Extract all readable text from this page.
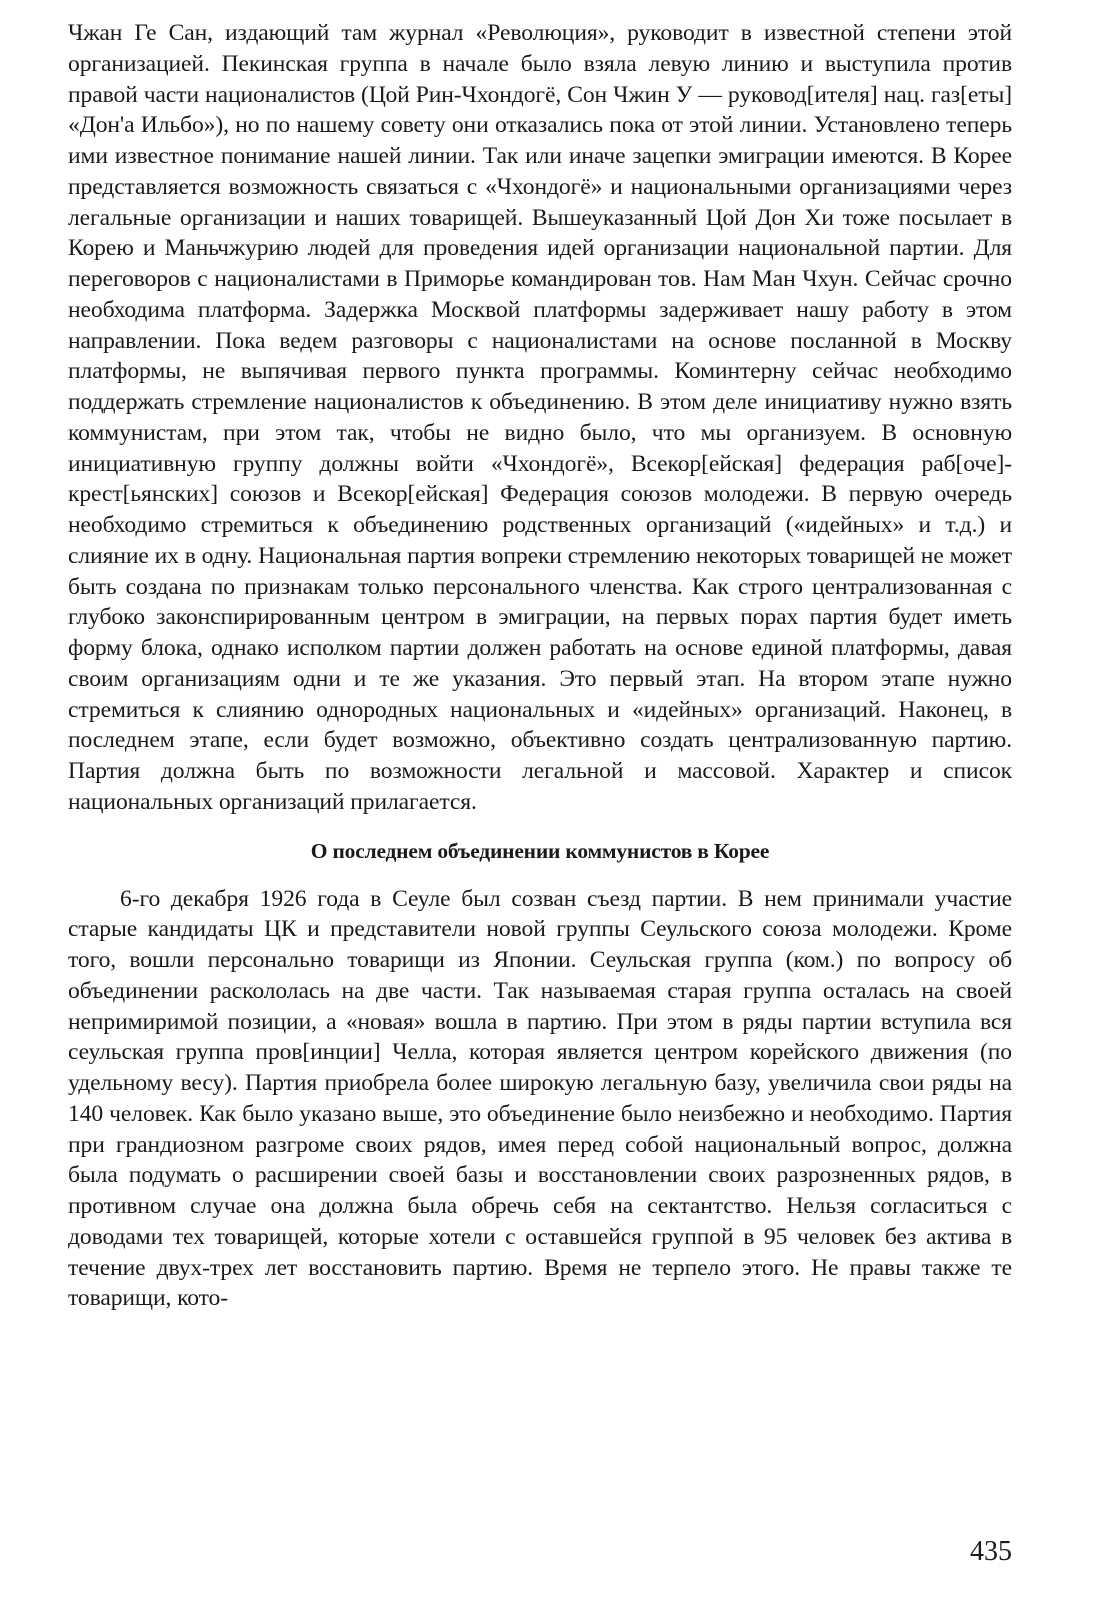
Чжан Ге Сан, издающий там журнал «Революция», руководит в известной степени этой организацией. Пекинская группа в начале было взяла левую линию и выступила против правой части националистов (Цой Рин-Чхондогё, Сон Чжин У — руковод[ителя] нац. газ[еты] «Дон'а Ильбо»), но по нашему совету они отказались пока от этой линии. Установлено теперь ими известное понимание нашей линии. Так или иначе зацепки эмиграции имеются. В Корее представляется возможность связаться с «Чхондогё» и национальными организациями через легальные организации и наших товарищей. Вышеуказанный Цой Дон Хи тоже посылает в Корею и Маньчжурию людей для проведения идей организации национальной партии. Для переговоров с националистами в Приморье командирован тов. Нам Ман Чхун. Сейчас срочно необходима платформа. Задержка Москвой платформы задерживает нашу работу в этом направлении. Пока ведем разговоры с националистами на основе посланной в Москву платформы, не выпячивая первого пункта программы. Коминтерну сейчас необходимо поддержать стремление националистов к объединению. В этом деле инициативу нужно взять коммунистам, при этом так, чтобы не видно было, что мы организуем. В основную инициативную группу должны войти «Чхондогё», Всекор[ейская] федерация раб[оче]-крест[ьянских] союзов и Всекор[ейская] Федерация союзов молодежи. В первую очередь необходимо стремиться к объединению родственных организаций («идейных» и т.д.) и слияние их в одну. Национальная партия вопреки стремлению некоторых товарищей не может быть создана по признакам только персонального членства. Как строго централизованная с глубоко законспирированным центром в эмиграции, на первых порах партия будет иметь форму блока, однако исполком партии должен работать на основе единой платформы, давая своим организациям одни и те же указания. Это первый этап. На втором этапе нужно стремиться к слиянию однородных национальных и «идейных» организаций. Наконец, в последнем этапе, если будет возможно, объективно создать централизованную партию. Партия должна быть по возможности легальной и массовой. Характер и список национальных организаций прилагается.

О последнем объединении коммунистов в Корее

6-го декабря 1926 года в Сеуле был созван съезд партии. В нем принимали участие старые кандидаты ЦК и представители новой группы Сеульского союза молодежи. Кроме того, вошли персонально товарищи из Японии. Сеульская группа (ком.) по вопросу об объединении раскололась на две части. Так называемая старая группа осталась на своей непримиримой позиции, а «новая» вошла в партию. При этом в ряды партии вступила вся сеульская группа пров[инции] Челла, которая является центром корейского движения (по удельному весу). Партия приобрела более широкую легальную базу, увеличила свои ряды на 140 человек. Как было указано выше, это объединение было неизбежно и необходимо. Партия при грандиозном разгроме своих рядов, имея перед собой национальный вопрос, должна была подумать о расширении своей базы и восстановлении своих разрозненных рядов, в противном случае она должна была обречь себя на сектантство. Нельзя согласиться с доводами тех товарищей, которые хотели с оставшейся группой в 95 человек без актива в течение двух-трех лет восстановить партию. Время не терпело этого. Не правы также те товарищи, кото-

435
